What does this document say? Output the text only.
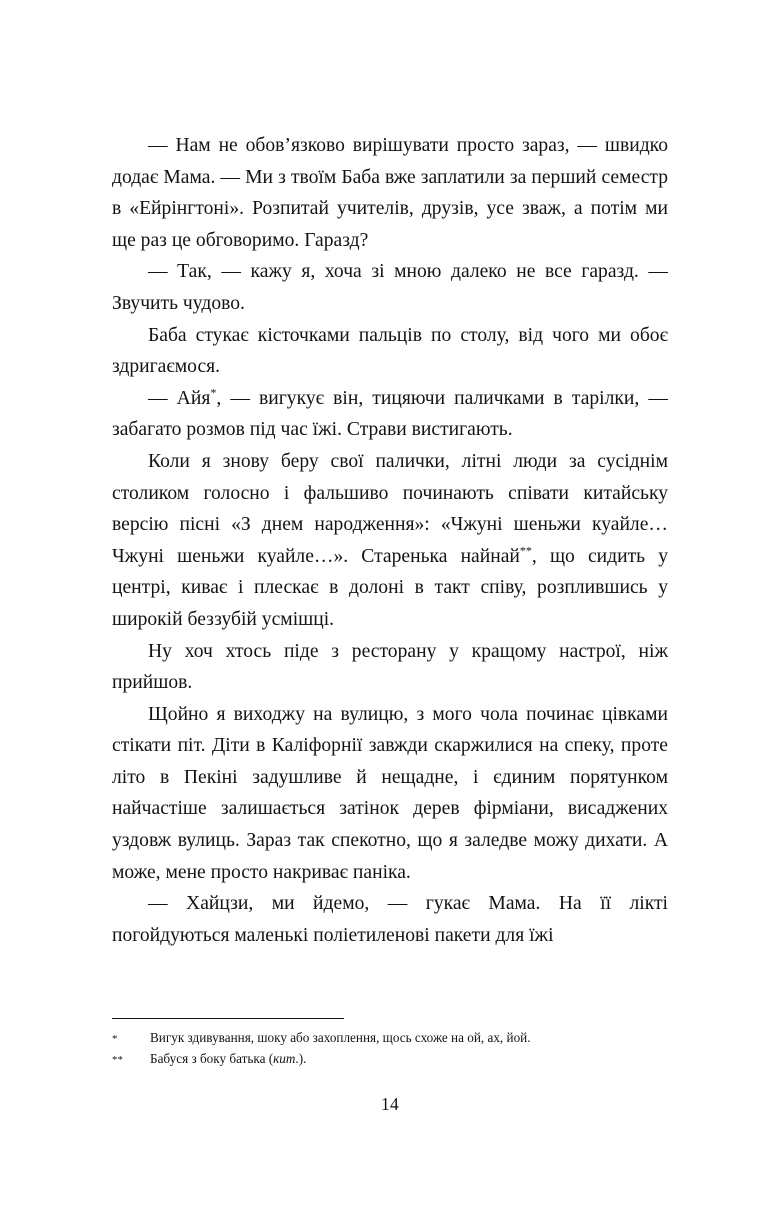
— Нам не обов’язково вирішувати просто зараз, — швидко додає Мама. — Ми з твоїм Баба вже заплатили за перший семестр в «Ейрінгтоні». Розпитай учителів, друзів, усе зваж, а потім ми ще раз це обговоримо. Гаразд?

— Так, — кажу я, хоча зі мною далеко не все гаразд. — Звучить чудово.

Баба стукає кісточками пальців по столу, від чого ми обоє здригаємося.

— Айя*, — вигукує він, тицяючи паличками в тарілки, — забагато розмов під час їжі. Страви вистигають.

Коли я знову беру свої палички, літні люди за сусіднім столиком голосно і фальшиво починають співати китайську версію пісні «З днем народження»: «Чжуні шеньжи куайле… Чжуні шеньжи куайле…». Старенька найнай**, що сидить у центрі, киває і плескає в долоні в такт співу, розплившись у широкій беззубій усмішці.

Ну хоч хтось піде з ресторану у кращому настрої, ніж прийшов.

Щойно я виходжу на вулицю, з мого чола починає цівками стікати піт. Діти в Каліфорнії завжди скаржилися на спеку, проте літо в Пекіні задушливе й нещадне, і єдиним порятунком найчастіше залишається затінок дерев фірміани, висаджених уздовж вулиць. Зараз так спекотно, що я заледве можу дихати. А може, мене просто накриває паніка.

— Хайцзи, ми йдемо, — гукає Мама. На її лікті погойдуються маленькі поліетиленові пакети для їжі

*	Вигук здивування, шоку або захоплення, щось схоже на ой, ах, йой.
**	Бабуся з боку батька (кит.).
14
